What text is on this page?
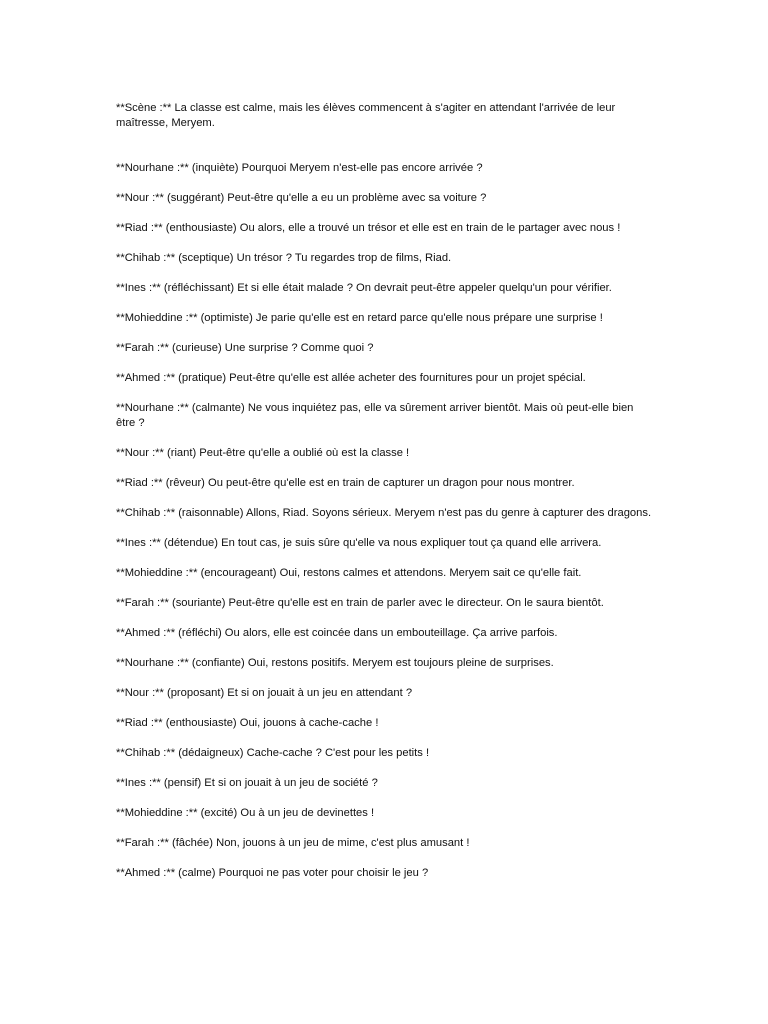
**Scène :** La classe est calme, mais les élèves commencent à s'agiter en attendant l'arrivée de leur maîtresse, Meryem.

**Nourhane :** (inquiète) Pourquoi Meryem n'est-elle pas encore arrivée ?

**Nour :** (suggérant) Peut-être qu'elle a eu un problème avec sa voiture ?

**Riad :** (enthousiaste) Ou alors, elle a trouvé un trésor et elle est en train de le partager avec nous !

**Chihab :** (sceptique) Un trésor ? Tu regardes trop de films, Riad.

**Ines :** (réfléchissant) Et si elle était malade ? On devrait peut-être appeler quelqu'un pour vérifier.

**Mohieddine :** (optimiste) Je parie qu'elle est en retard parce qu'elle nous prépare une surprise !

**Farah :** (curieuse) Une surprise ? Comme quoi ?

**Ahmed :** (pratique) Peut-être qu'elle est allée acheter des fournitures pour un projet spécial.

**Nourhane :** (calmante) Ne vous inquiétez pas, elle va sûrement arriver bientôt. Mais où peut-elle bien être ?

**Nour :** (riant) Peut-être qu'elle a oublié où est la classe !

**Riad :** (rêveur) Ou peut-être qu'elle est en train de capturer un dragon pour nous montrer.

**Chihab :** (raisonnable) Allons, Riad. Soyons sérieux. Meryem n'est pas du genre à capturer des dragons.

**Ines :** (détendue) En tout cas, je suis sûre qu'elle va nous expliquer tout ça quand elle arrivera.

**Mohieddine :** (encourageant) Oui, restons calmes et attendons. Meryem sait ce qu'elle fait.

**Farah :** (souriante) Peut-être qu'elle est en train de parler avec le directeur. On le saura bientôt.

**Ahmed :** (réfléchi) Ou alors, elle est coincée dans un embouteillage. Ça arrive parfois.

**Nourhane :** (confiante) Oui, restons positifs. Meryem est toujours pleine de surprises.

**Nour :** (proposant) Et si on jouait à un jeu en attendant ?

**Riad :** (enthousiaste) Oui, jouons à cache-cache !

**Chihab :** (dédaigneux) Cache-cache ? C'est pour les petits !

**Ines :** (pensif) Et si on jouait à un jeu de société ?

**Mohieddine :** (excité) Ou à un jeu de devinettes !

**Farah :** (fâchée) Non, jouons à un jeu de mime, c'est plus amusant !

**Ahmed :** (calme) Pourquoi ne pas voter pour choisir le jeu ?
